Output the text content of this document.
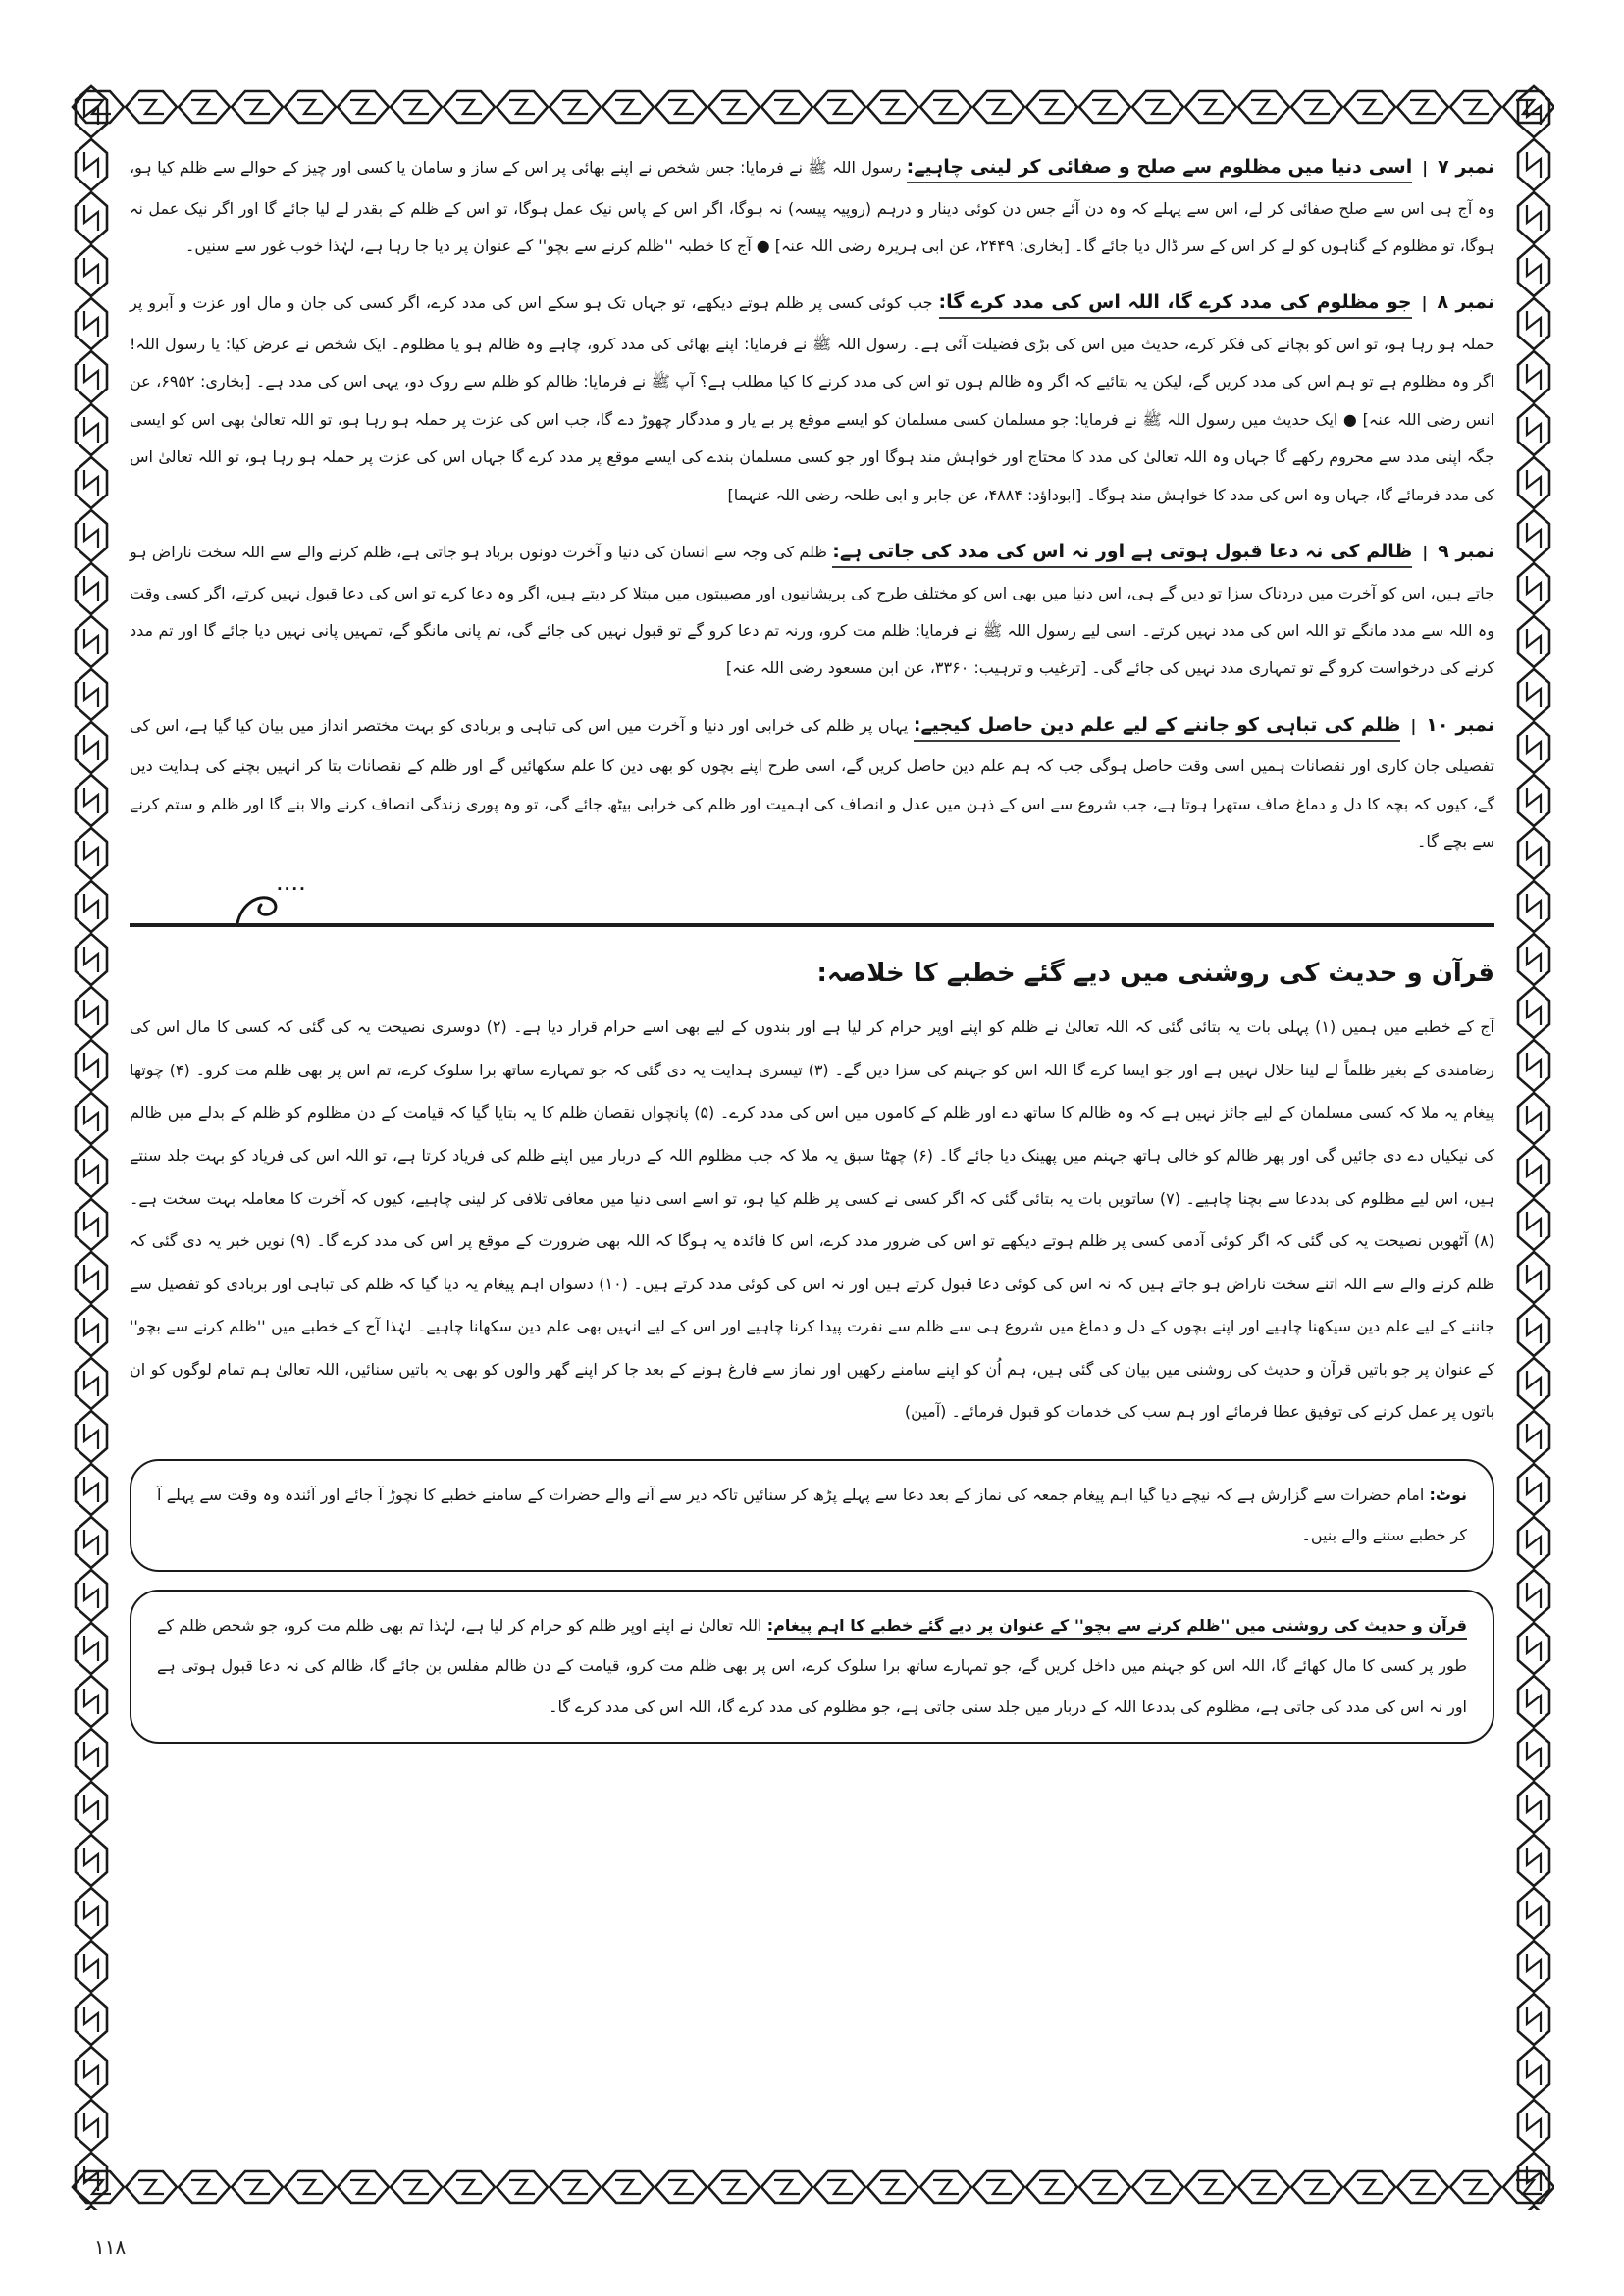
نمبر ۷|اسی دنیا میں مظلوم سے صلح و صفائی کر لینی چاہیے: رسول اللہ ﷺ نے فرمایا: جس شخص نے اپنے بھائی پر اس کے ساز و سامان یا کسی اور چیز کے حوالے سے ظلم کیا ہو، وہ آج ہی اس سے صلح صفائی کر لے، اس سے پہلے کہ وہ دن آئے جس دن کوئی دینار و درہم (روپیہ پیسہ) نہ ہوگا، اگر اس کے پاس نیک عمل ہوگا، تو اس کے ظلم کے بقدر لے لیا جائے گا اور اگر نیک عمل نہ ہوگا، تو مظلوم کے گناہوں کو لے کر اس کے سر ڈال دیا جائے گا۔ [بخاری: ۲۴۴۹، عن ابی ہریرہ رضی اللہ عنہ] ● آج کا خطبہ ''ظلم کرنے سے بچو'' کے عنوان پر دیا جا رہا ہے، لہٰذا خوب غور سے سنیں۔

نمبر ۸|جو مظلوم کی مدد کرے گا، اللہ اس کی مدد کرے گا: جب کوئی کسی پر ظلم ہوتے دیکھے، تو جہاں تک ہو سکے اس کی مدد کرے، اگر کسی کی جان و مال اور عزت و آبرو پر حملہ ہو رہا ہو، تو اس کو بچانے کی فکر کرے، حدیث میں اس کی بڑی فضیلت آئی ہے۔ رسول اللہ ﷺ نے فرمایا: اپنے بھائی کی مدد کرو، چاہے وہ ظالم ہو یا مظلوم۔ ایک شخص نے عرض کیا: یا رسول اللہ! اگر وہ مظلوم ہے تو ہم اس کی مدد کریں گے، لیکن یہ بتائیے کہ اگر وہ ظالم ہوں تو اس کی مدد کرنے کا کیا مطلب ہے؟ آپ ﷺ نے فرمایا: ظالم کو ظلم سے روک دو، یہی اس کی مدد ہے۔ [بخاری: ۶۹۵۲، عن انس رضی اللہ عنہ] ● ایک حدیث میں رسول اللہ ﷺ نے فرمایا: جو مسلمان کسی مسلمان کو ایسے موقع پر بے یار و مددگار چھوڑ دے گا، جب اس کی عزت پر حملہ ہو رہا ہو، تو اللہ تعالیٰ بھی اس کو ایسی جگہ اپنی مدد سے محروم رکھے گا جہاں وہ اللہ تعالیٰ کی مدد کا محتاج اور خواہش مند ہوگا اور جو کسی مسلمان بندے کی ایسے موقع پر مدد کرے گا جہاں اس کی عزت پر حملہ ہو رہا ہو، تو اللہ تعالیٰ اس کی مدد فرمائے گا، جہاں وہ اس کی مدد کا خواہش مند ہوگا۔ [ابوداؤد: ۴۸۸۴، عن جابر و ابی طلحہ رضی اللہ عنہما]

نمبر ۹|ظالم کی نہ دعا قبول ہوتی ہے اور نہ اس کی مدد کی جاتی ہے: ظلم کی وجہ سے انسان کی دنیا و آخرت دونوں برباد ہو جاتی ہے، ظلم کرنے والے سے اللہ سخت ناراض ہو جاتے ہیں، اس کو آخرت میں دردناک سزا تو دیں گے ہی، اس دنیا میں بھی اس کو مختلف طرح کی پریشانیوں اور مصیبتوں میں مبتلا کر دیتے ہیں، اگر وہ دعا کرے تو اس کی دعا قبول نہیں کرتے، اگر کسی وقت وہ اللہ سے مدد مانگے تو اللہ اس کی مدد نہیں کرتے۔ اسی لیے رسول اللہ ﷺ نے فرمایا: ظلم مت کرو، ورنہ تم دعا کرو گے تو قبول نہیں کی جائے گی، تم پانی مانگو گے، تمہیں پانی نہیں دیا جائے گا اور تم مدد کرنے کی درخواست کرو گے تو تمہاری مدد نہیں کی جائے گی۔ [ترغیب و ترہیب: ۳۳۶۰، عن ابن مسعود رضی اللہ عنہ]

نمبر ۱۰|ظلم کی تباہی کو جاننے کے لیے علم دین حاصل کیجیے: یہاں پر ظلم کی خرابی اور دنیا و آخرت میں اس کی تباہی و بربادی کو بہت مختصر انداز میں بیان کیا گیا ہے، اس کی تفصیلی جان کاری اور نقصانات ہمیں اسی وقت حاصل ہوگی جب کہ ہم علم دین حاصل کریں گے، اسی طرح اپنے بچوں کو بھی دین کا علم سکھائیں گے اور ظلم کے نقصانات بتا کر انہیں بچنے کی ہدایت دیں گے، کیوں کہ بچہ کا دل و دماغ صاف ستھرا ہوتا ہے، جب شروع سے اس کے ذہن میں عدل و انصاف کی اہمیت اور ظلم کی خرابی بیٹھ جائے گی، تو وہ پوری زندگی انصاف کرنے والا بنے گا اور ظلم و ستم کرنے سے بچے گا۔

....
قرآن و حدیث کی روشنی میں دیے گئے خطبے کا خلاصہ:

آج کے خطبے میں ہمیں (۱) پہلی بات یہ بتائی گئی کہ اللہ تعالیٰ نے ظلم کو اپنے اوپر حرام کر لیا ہے اور بندوں کے لیے بھی اسے حرام قرار دیا ہے۔ (۲) دوسری نصیحت یہ کی گئی کہ کسی کا مال اس کی رضامندی کے بغیر ظلماً لے لینا حلال نہیں ہے اور جو ایسا کرے گا اللہ اس کو جہنم کی سزا دیں گے۔ (۳) تیسری ہدایت یہ دی گئی کہ جو تمہارے ساتھ برا سلوک کرے، تم اس پر بھی ظلم مت کرو۔ (۴) چوتھا پیغام یہ ملا کہ کسی مسلمان کے لیے جائز نہیں ہے کہ وہ ظالم کا ساتھ دے اور ظلم کے کاموں میں اس کی مدد کرے۔ (۵) پانچواں نقصان ظلم کا یہ بتایا گیا کہ قیامت کے دن مظلوم کو ظلم کے بدلے میں ظالم کی نیکیاں دے دی جائیں گی اور پھر ظالم کو خالی ہاتھ جہنم میں پھینک دیا جائے گا۔ (۶) چھٹا سبق یہ ملا کہ جب مظلوم اللہ کے دربار میں اپنے ظلم کی فریاد کرتا ہے، تو اللہ اس کی فریاد کو بہت جلد سنتے ہیں، اس لیے مظلوم کی بددعا سے بچنا چاہیے۔ (۷) ساتویں بات یہ بتائی گئی کہ اگر کسی نے کسی پر ظلم کیا ہو، تو اسے اسی دنیا میں معافی تلافی کر لینی چاہیے، کیوں کہ آخرت کا معاملہ بہت سخت ہے۔ (۸) آٹھویں نصیحت یہ کی گئی کہ اگر کوئی آدمی کسی پر ظلم ہوتے دیکھے تو اس کی ضرور مدد کرے، اس کا فائدہ یہ ہوگا کہ اللہ بھی ضرورت کے موقع پر اس کی مدد کرے گا۔ (۹) نویں خبر یہ دی گئی کہ ظلم کرنے والے سے اللہ اتنے سخت ناراض ہو جاتے ہیں کہ نہ اس کی کوئی دعا قبول کرتے ہیں اور نہ اس کی کوئی مدد کرتے ہیں۔ (۱۰) دسواں اہم پیغام یہ دیا گیا کہ ظلم کی تباہی اور بربادی کو تفصیل سے جاننے کے لیے علم دین سیکھنا چاہیے اور اپنے بچوں کے دل و دماغ میں شروع ہی سے ظلم سے نفرت پیدا کرنا چاہیے اور اس کے لیے انہیں بھی علم دین سکھانا چاہیے۔ لہٰذا آج کے خطبے میں ''ظلم کرنے سے بچو'' کے عنوان پر جو باتیں قرآن و حدیث کی روشنی میں بیان کی گئی ہیں، ہم اُن کو اپنے سامنے رکھیں اور نماز سے فارغ ہونے کے بعد جا کر اپنے گھر والوں کو بھی یہ باتیں سنائیں، اللہ تعالیٰ ہم تمام لوگوں کو ان باتوں پر عمل کرنے کی توفیق عطا فرمائے اور ہم سب کی خدمات کو قبول فرمائے۔ (آمین)

نوٹ: امام حضرات سے گزارش ہے کہ نیچے دیا گیا اہم پیغام جمعہ کی نماز کے بعد دعا سے پہلے پڑھ کر سنائیں تاکہ دیر سے آنے والے حضرات کے سامنے خطبے کا نچوڑ آ جائے اور آئندہ وہ وقت سے پہلے آ کر خطبے سننے والے بنیں۔

قرآن و حدیث کی روشنی میں ''ظلم کرنے سے بچو'' کے عنوان پر دیے گئے خطبے کا اہم پیغام: اللہ تعالیٰ نے اپنے اوپر ظلم کو حرام کر لیا ہے، لہٰذا تم بھی ظلم مت کرو، جو شخص ظلم کے طور پر کسی کا مال کھائے گا، اللہ اس کو جہنم میں داخل کریں گے، جو تمہارے ساتھ برا سلوک کرے، اس پر بھی ظلم مت کرو، قیامت کے دن ظالم مفلس بن جائے گا، ظالم کی نہ دعا قبول ہوتی ہے اور نہ اس کی مدد کی جاتی ہے، مظلوم کی بددعا اللہ کے دربار میں جلد سنی جاتی ہے، جو مظلوم کی مدد کرے گا، اللہ اس کی مدد کرے گا۔

۱۱۸
